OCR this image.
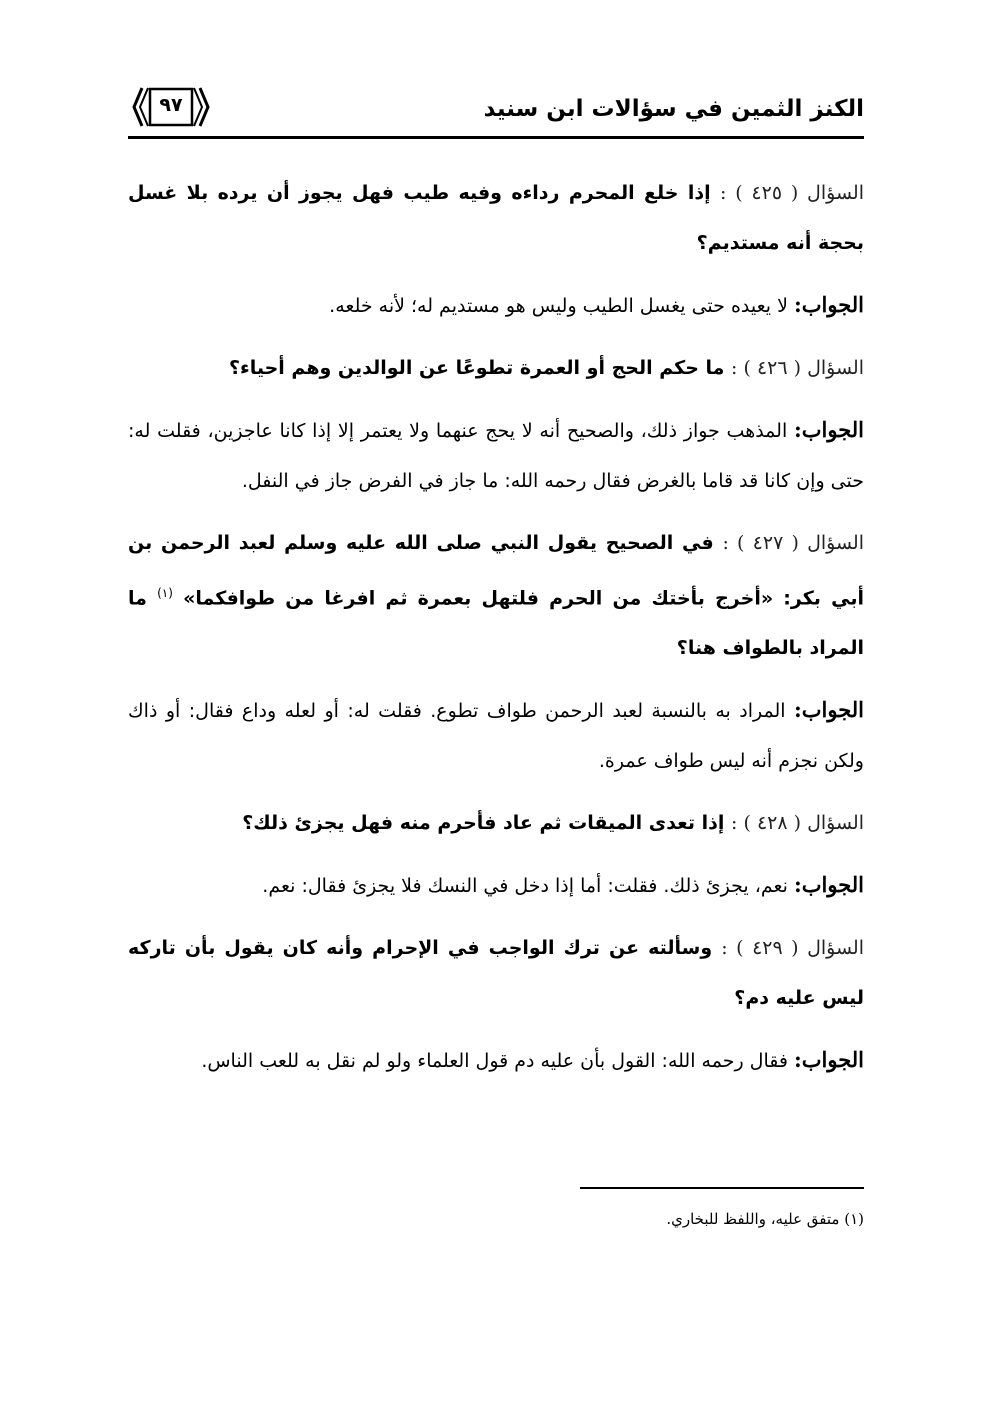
الكنز الثمين في سؤالات ابن سنيد
٩٧

السؤال ( ٤٢٥ ) : إذا خلع المحرم رداءه وفيه طيب فهل يجوز أن يرده بلا غسل بحجة أنه مستديم؟

الجواب: لا يعيده حتى يغسل الطيب وليس هو مستديم له؛ لأنه خلعه.

السؤال ( ٤٢٦ ) : ما حكم الحج أو العمرة تطوعًا عن الوالدين وهم أحياء؟

الجواب: المذهب جواز ذلك، والصحيح أنه لا يحج عنهما ولا يعتمر إلا إذا كانا عاجزين، فقلت له: حتى وإن كانا قد قاما بالغرض فقال رحمه الله: ما جاز في الفرض جاز في النفل.

السؤال ( ٤٢٧ ) : في الصحيح يقول النبي صلى الله عليه وسلم لعبد الرحمن بن أبي بكر: «أخرج بأختك من الحرم فلتهل بعمرة ثم افرغا من طوافكما» $^{(١)}$ ما المراد بالطواف هنا؟

الجواب: المراد به بالنسبة لعبد الرحمن طواف تطوع. فقلت له: أو لعله وداع فقال: أو ذاك ولكن نجزم أنه ليس طواف عمرة.

السؤال ( ٤٢٨ ) : إذا تعدى الميقات ثم عاد فأحرم منه فهل يجزئ ذلك؟

الجواب: نعم، يجزئ ذلك. فقلت: أما إذا دخل في النسك فلا يجزئ فقال: نعم.

السؤال ( ٤٢٩ ) : وسألته عن ترك الواجب في الإحرام وأنه كان يقول بأن تاركه ليس عليه دم؟

الجواب: فقال رحمه الله: القول بأن عليه دم قول العلماء ولو لم نقل به للعب الناس.

(١) متفق عليه، واللفظ للبخاري.
